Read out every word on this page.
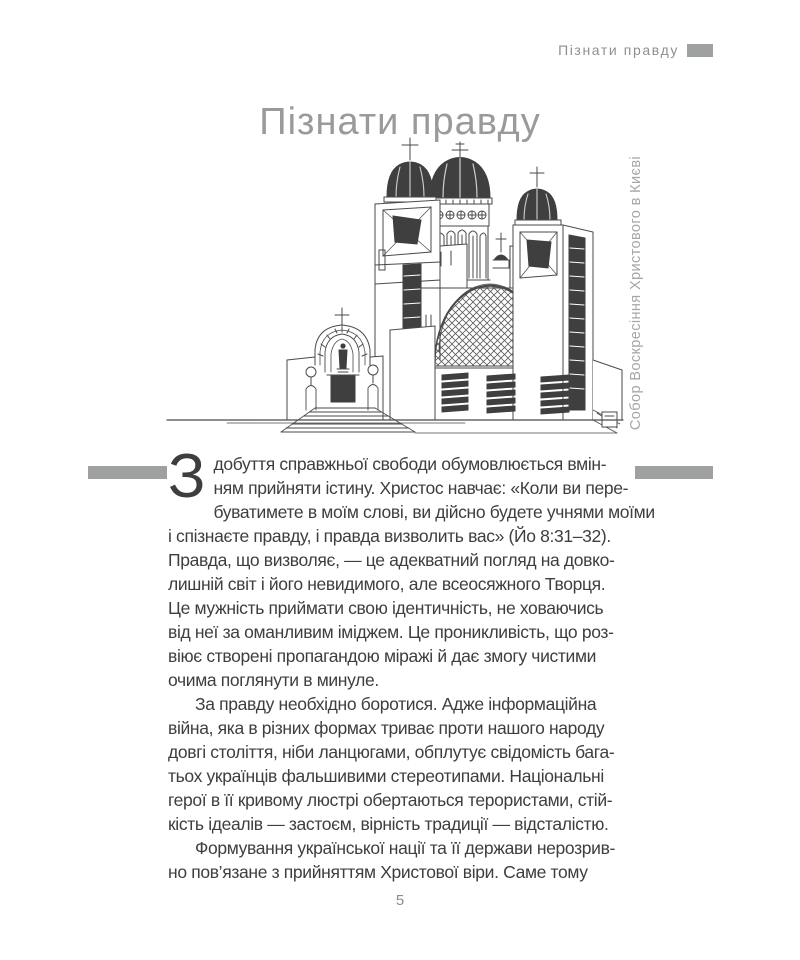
Пізнати правду
Пізнати правду
Собор Воскресіння Христового в Києві

Здобуття справжньої свободи обумовлюється вмін-
ням прийняти істину. Христос навчає: «Коли ви пере-
буватимете в моїм слові, ви дійсно будете учнями моїми
і спізнаєте правду, і правда визволить вас» (Йо 8:31–32).
Правда, що визволяє, — це адекватний погляд на довко-
лишній світ і його невидимого, але всеосяжного Творця.
Це мужність приймати свою ідентичність, не ховаючись
від неї за оманливим іміджем. Це проникливість, що роз-
віює створені пропагандою міражі й дає змогу чистими
очима поглянути в минуле.

За правду необхідно боротися. Адже інформаційна
війна, яка в різних формах триває проти нашого народу
довгі століття, ніби ланцюгами, обплутує свідомість бага-
тьох українців фальшивими стереотипами. Національні
герої в її кривому люстрі обертаються терористами, стій-
кість ідеалів — застоєм, вірність традиції — відсталістю.

Формування української нації та її держави нерозрив-
но пов’язане з прийняттям Христової віри. Саме тому

5
